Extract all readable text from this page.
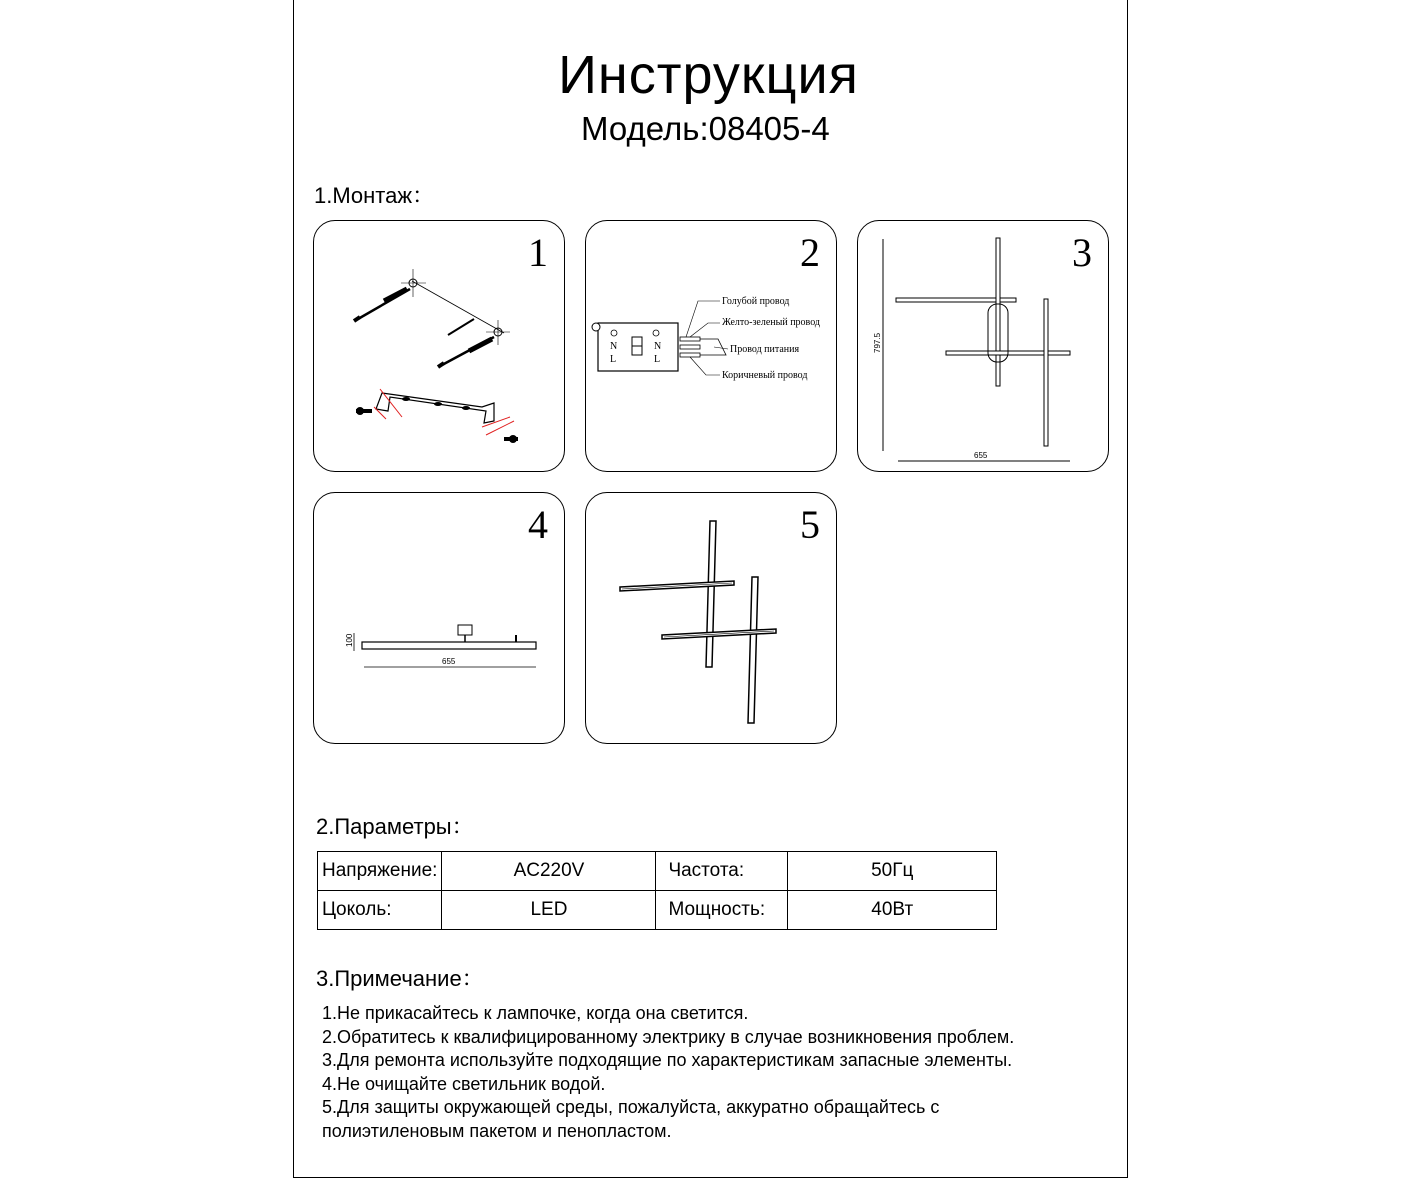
Инструкция
Модель:08405-4
1.Монтаж：
1	2
N
L
N
L
Голубой провод
Желто-зеленый провод
Провод питания
Коричневый провод
3
797.5
655
4
100
655
5
2.Параметры：
Напряжение:	AC220V	Частота:	50Гц
Цоколь:	LED	Мощность:	40Вт
3.Примечание：
1.Не прикасайтесь к лампочке, когда она светится.
2.Обратитесь к квалифицированному электрику в случае возникновения проблем.
3.Для ремонта используйте подходящие по характеристикам запасные элементы.
4.Не очищайте светильник водой.
5.Для защиты окружающей среды, пожалуйста, аккуратно обращайтесь с
полиэтиленовым пакетом и пенопластом.
